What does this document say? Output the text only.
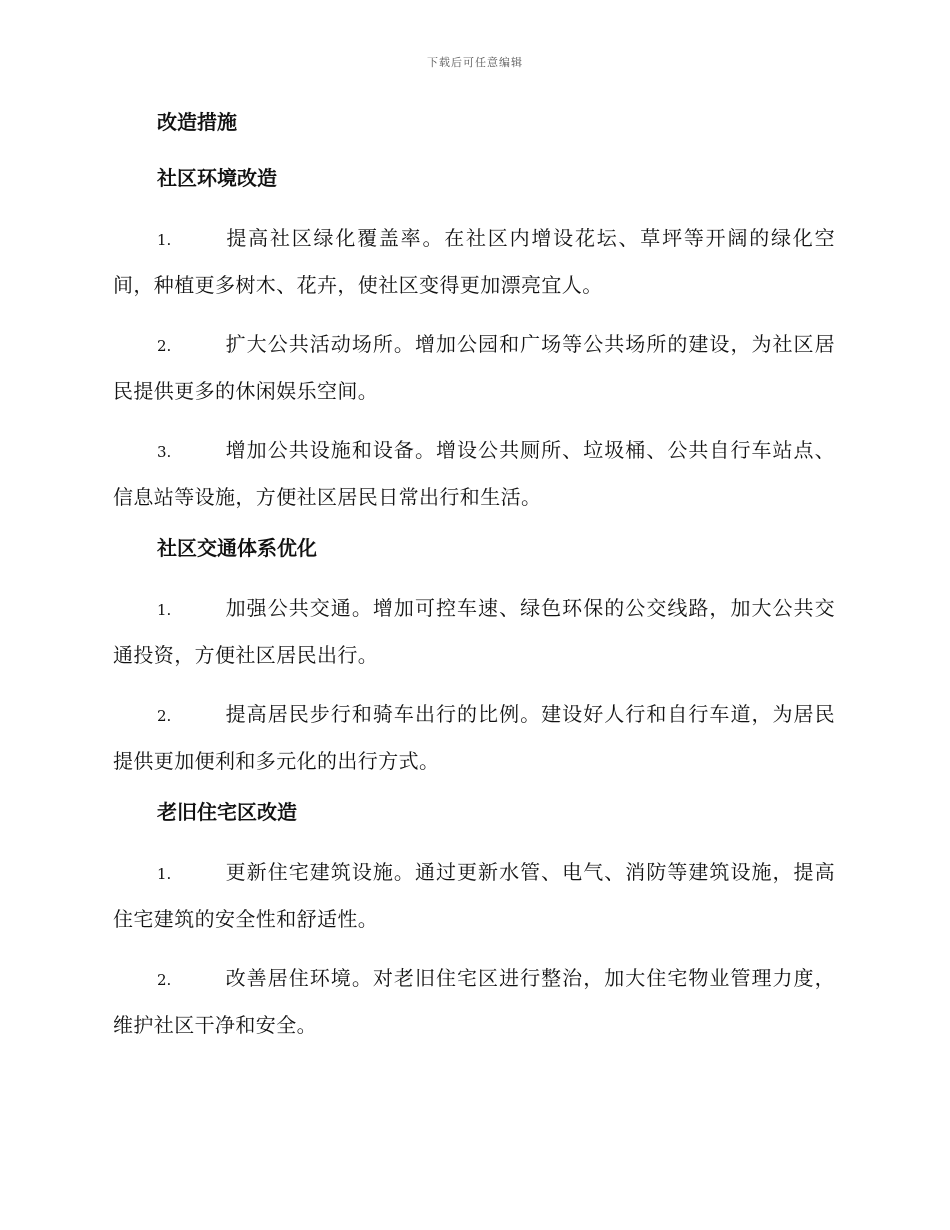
下载后可任意编辑
改造措施
社区环境改造

1.	提高社区绿化覆盖率。在社区内增设花坛、草坪等开阔的绿化空间，种植更多树木、花卉，使社区变得更加漂亮宜人。

2.	扩大公共活动场所。增加公园和广场等公共场所的建设，为社区居民提供更多的休闲娱乐空间。

3.	增加公共设施和设备。增设公共厕所、垃圾桶、公共自行车站点、信息站等设施，方便社区居民日常出行和生活。

社区交通体系优化

1.	加强公共交通。增加可控车速、绿色环保的公交线路，加大公共交通投资，方便社区居民出行。

2.	提高居民步行和骑车出行的比例。建设好人行和自行车道，为居民提供更加便利和多元化的出行方式。

老旧住宅区改造

1.	更新住宅建筑设施。通过更新水管、电气、消防等建筑设施，提高住宅建筑的安全性和舒适性。

2.	改善居住环境。对老旧住宅区进行整治，加大住宅物业管理力度，维护社区干净和安全。
